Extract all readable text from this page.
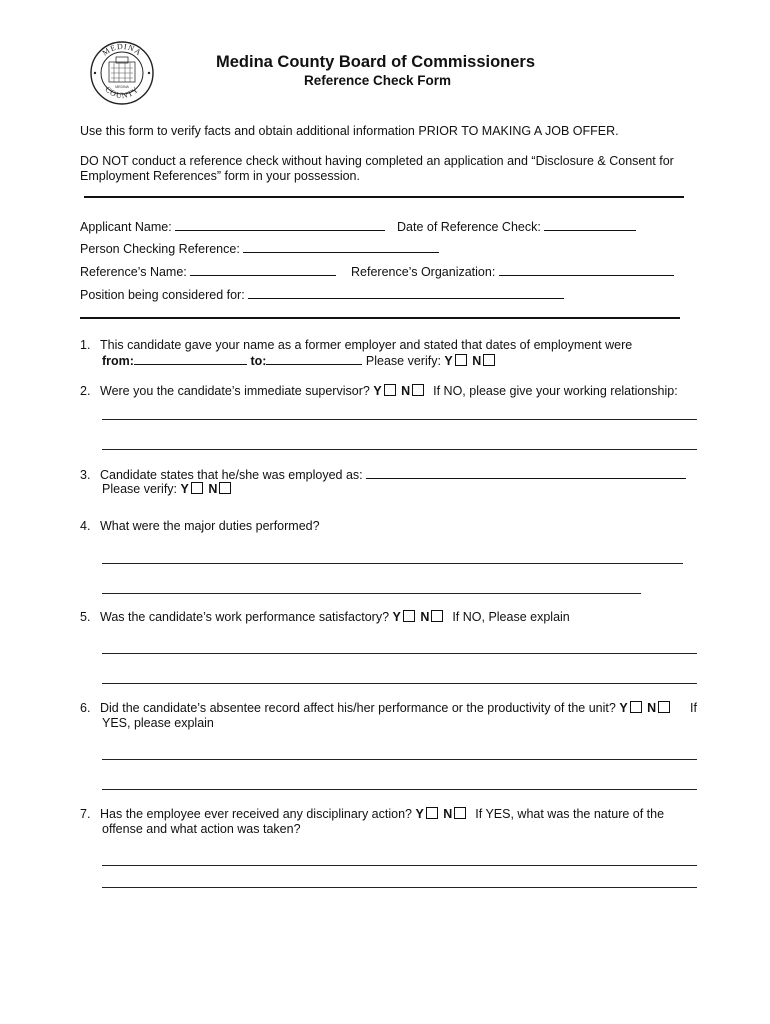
MEDINA
COUNTY
MEDINA
Medina County Board of Commissioners
Reference Check Form
Use this form to verify facts and obtain additional information PRIOR TO MAKING A JOB OFFER.
DO NOT conduct a reference check without having completed an application and “Disclosure & Consent for
Employment References” form in your possession.
Applicant Name:	Date of Reference Check:
Person Checking Reference:
Reference’s Name:	Reference’s Organization:
Position being considered for:
1. This candidate gave your name as a former employer and stated that dates of employment were
from:	to:	Please verify: Y N
2. Were you the candidate’s immediate supervisor? Y N If NO, please give your working relationship:
3. Candidate states that he/she was employed as:
Please verify: Y N
4. What were the major duties performed?
5. Was the candidate’s work performance satisfactory? Y N If NO, Please explain
6. Did the candidate’s absentee record affect his/her performance or the productivity of the unit? Y N	If
YES, please explain
7. Has the employee ever received any disciplinary action? Y N If YES, what was the nature of the
offense and what action was taken?
